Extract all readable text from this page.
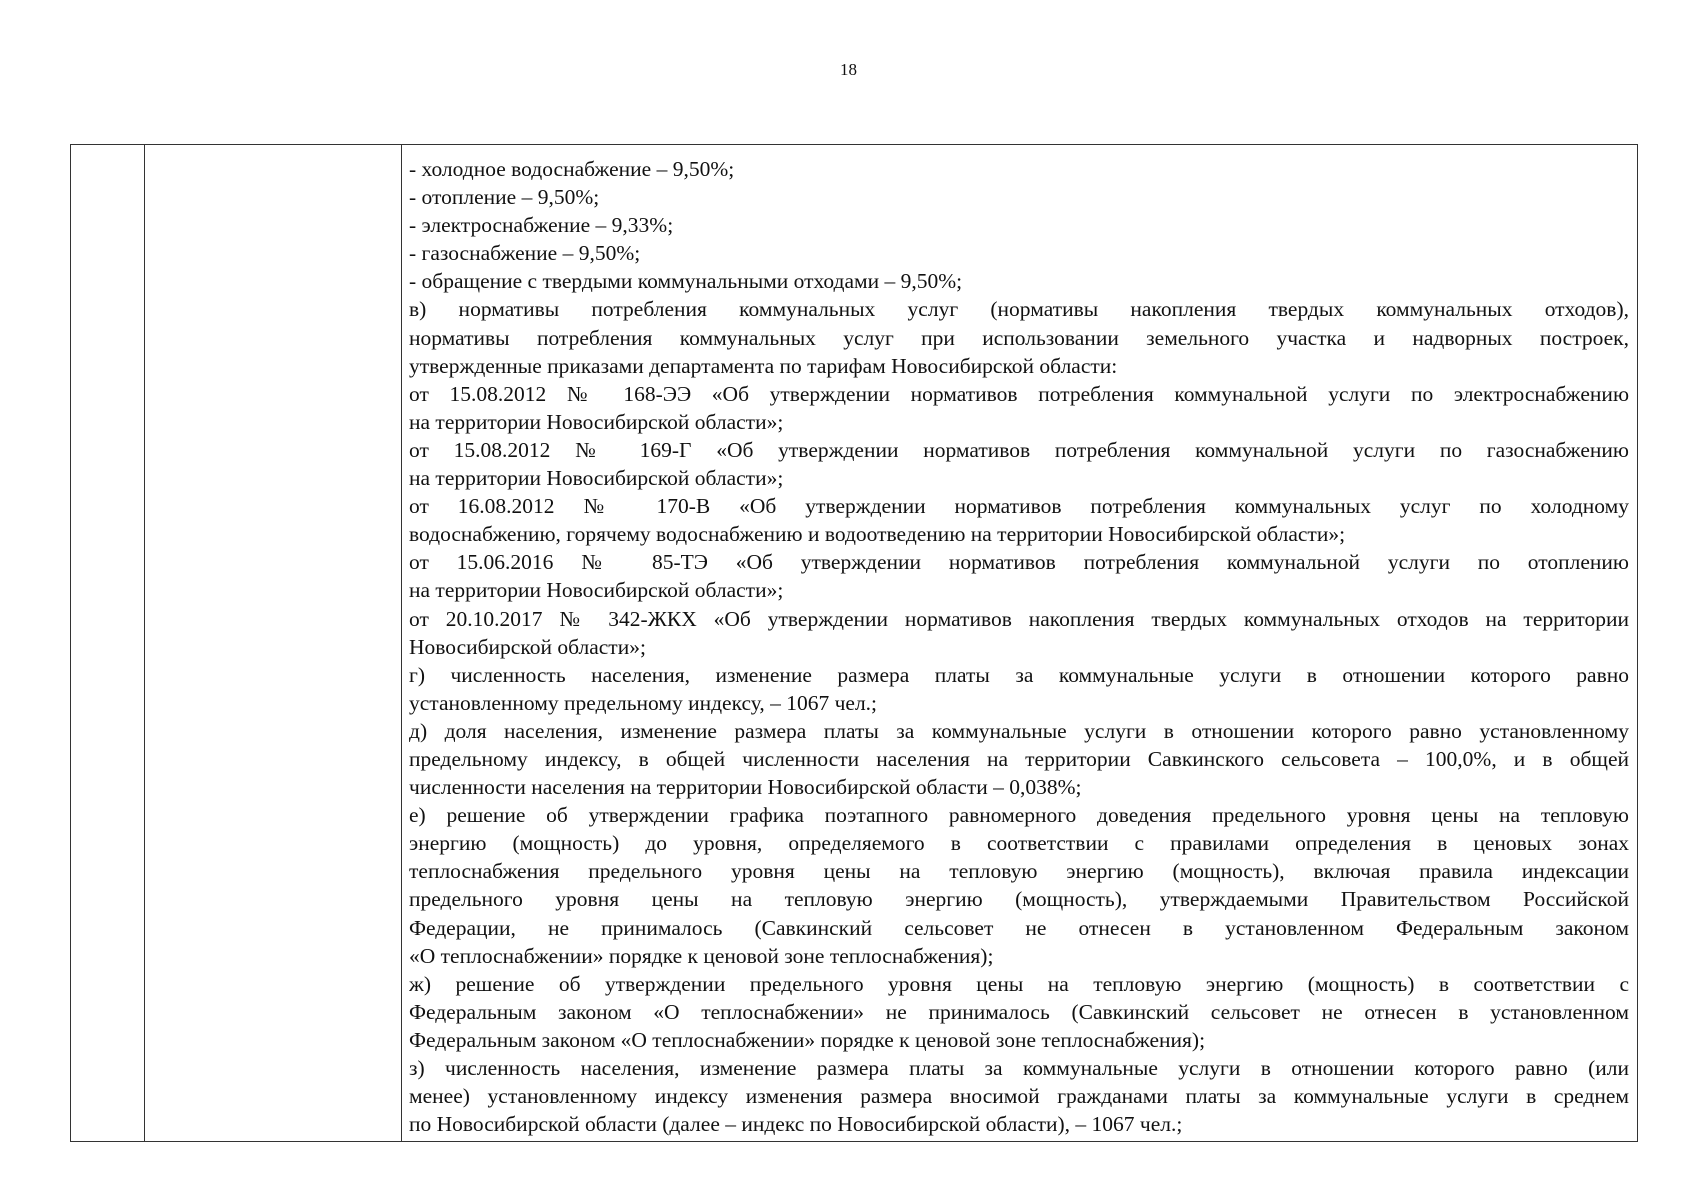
18
- холодное водоснабжение – 9,50%;
- отопление – 9,50%;
- электроснабжение – 9,33%;
- газоснабжение – 9,50%;
- обращение с твердыми коммунальными отходами – 9,50%;
в) нормативы потребления коммунальных услуг (нормативы накопления твердых коммунальных отходов),
нормативы потребления коммунальных услуг при использовании земельного участка и надворных построек,
утвержденные приказами департамента по тарифам Новосибирской области:
от 15.08.2012 № 168-ЭЭ «Об утверждении нормативов потребления коммунальной услуги по электроснабжению
на территории Новосибирской области»;
от 15.08.2012 № 169-Г «Об утверждении нормативов потребления коммунальной услуги по газоснабжению
на территории Новосибирской области»;
от 16.08.2012 № 170-В «Об утверждении нормативов потребления коммунальных услуг по холодному
водоснабжению, горячему водоснабжению и водоотведению на территории Новосибирской области»;
от 15.06.2016 № 85-ТЭ «Об утверждении нормативов потребления коммунальной услуги по отоплению
на территории Новосибирской области»;
от 20.10.2017 № 342-ЖКХ «Об утверждении нормативов накопления твердых коммунальных отходов на территории
Новосибирской области»;
г) численность населения, изменение размера платы за коммунальные услуги в отношении которого равно
установленному предельному индексу, – 1067 чел.;
д) доля населения, изменение размера платы за коммунальные услуги в отношении которого равно установленному
предельному индексу, в общей численности населения на территории Савкинского сельсовета – 100,0%, и в общей
численности населения на территории Новосибирской области – 0,038%;
е) решение об утверждении графика поэтапного равномерного доведения предельного уровня цены на тепловую
энергию (мощность) до уровня, определяемого в соответствии с правилами определения в ценовых зонах
теплоснабжения предельного уровня цены на тепловую энергию (мощность), включая правила индексации
предельного уровня цены на тепловую энергию (мощность), утверждаемыми Правительством Российской
Федерации, не принималось (Савкинский сельсовет не отнесен в установленном Федеральным законом
«О теплоснабжении» порядке к ценовой зоне теплоснабжения);
ж) решение об утверждении предельного уровня цены на тепловую энергию (мощность) в соответствии с
Федеральным законом «О теплоснабжении» не принималось (Савкинский сельсовет не отнесен в установленном
Федеральным законом «О теплоснабжении» порядке к ценовой зоне теплоснабжения);
з) численность населения, изменение размера платы за коммунальные услуги в отношении которого равно (или
менее) установленному индексу изменения размера вносимой гражданами платы за коммунальные услуги в среднем
по Новосибирской области (далее – индекс по Новосибирской области), – 1067 чел.;
